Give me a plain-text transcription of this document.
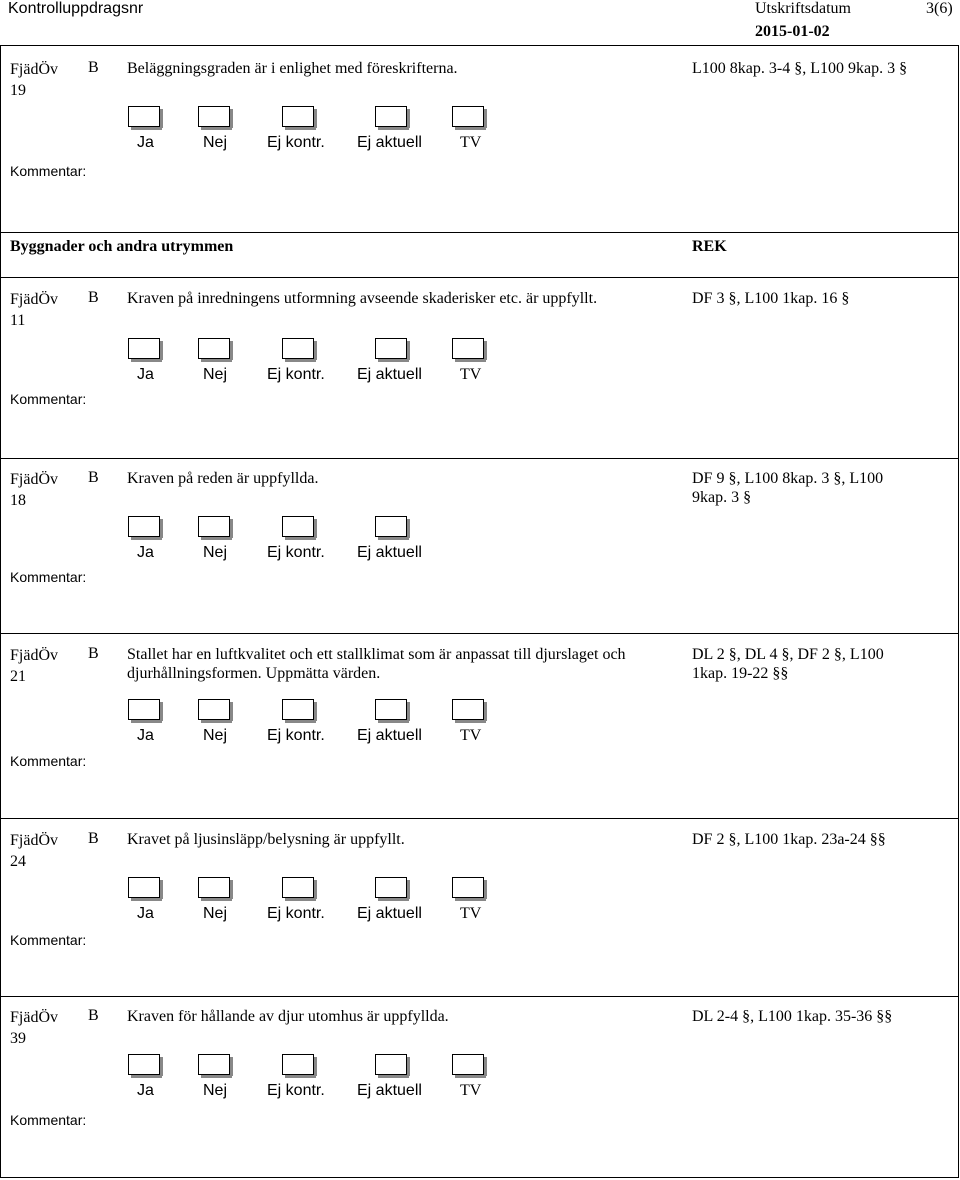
Kontrolluppdragsnr	Utskriftsdatum	3(6)
2015-01-02
FjädÖv
19
B Beläggningsgraden är i enlighet med föreskrifterna.	L100 8kap. 3-4 §, L100 9kap. 3 §
Ja	Nej Ej kontr. Ej aktuell TV
Kommentar:
Byggnader och andra utrymmen	REK
FjädÖv
11
B Kraven på inredningens utformning avseende skaderisker etc. är uppfyllt.	DF 3 §, L100 1kap. 16 §
Ja	Nej Ej kontr. Ej aktuell TV
Kommentar:
FjädÖv
18
B Kraven på reden är uppfyllda.	DF 9 §, L100 8kap. 3 §, L100 9kap. 3 §
Ja	Nej Ej kontr. Ej aktuell
Kommentar:
FjädÖv
21
B Stallet har en luftkvalitet och ett stallklimat som är anpassat till djurslaget och djurhållningsformen. Uppmätta värden.
DL 2 §, DL 4 §, DF 2 §, L100 1kap. 19-22 §§
Ja	Nej Ej kontr. Ej aktuell TV
Kommentar:
FjädÖv
24
B Kravet på ljusinsläpp/belysning är uppfyllt.	DF 2 §, L100 1kap. 23a-24 §§
Ja	Nej Ej kontr. Ej aktuell TV
Kommentar:
FjädÖv
39
B Kraven för hållande av djur utomhus är uppfyllda.	DL 2-4 §, L100 1kap. 35-36 §§
Ja	Nej Ej kontr. Ej aktuell TV
Kommentar:
